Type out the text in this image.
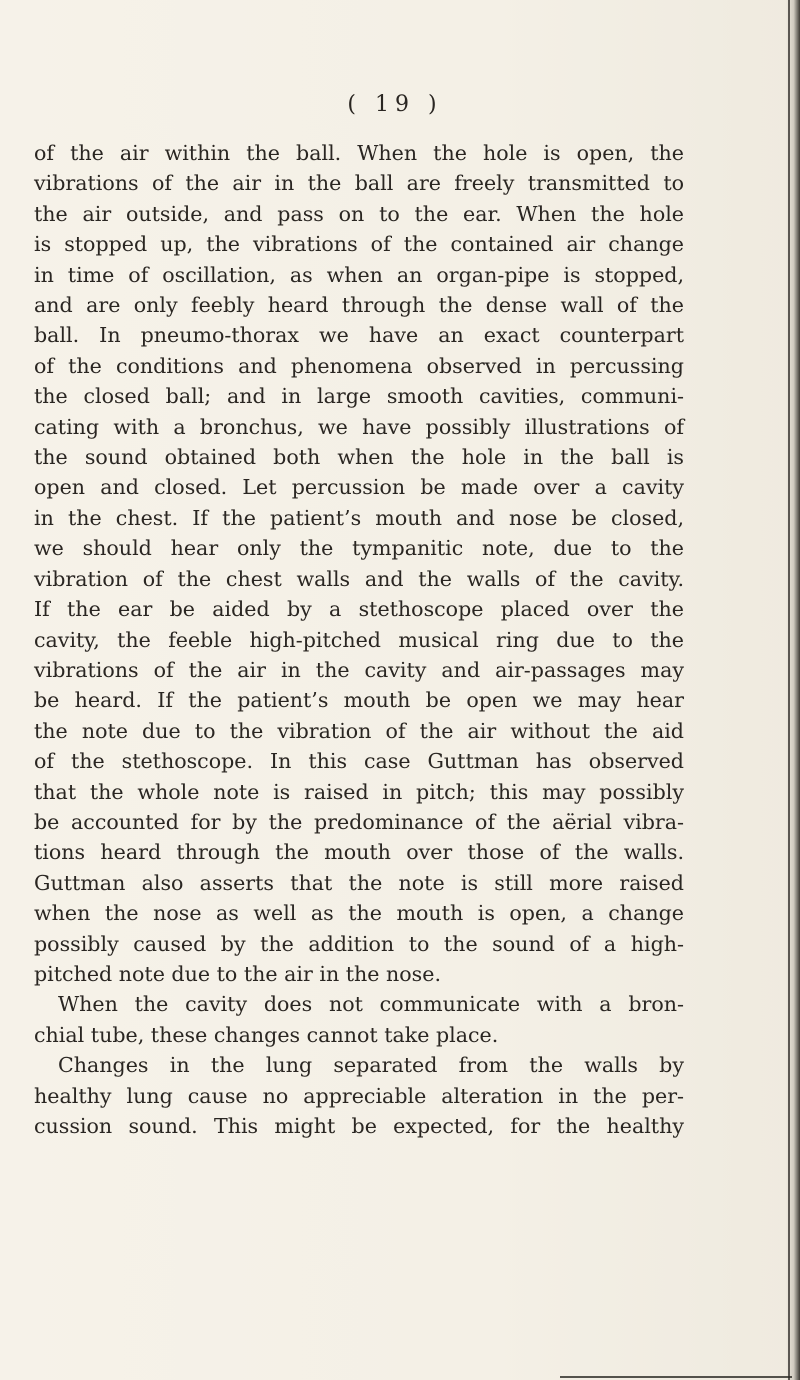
( 19 )
of the air within the ball. When the hole is open, the
vibrations of the air in the ball are freely transmitted to
the air outside, and pass on to the ear. When the hole
is stopped up, the vibrations of the contained air change
in time of oscillation, as when an organ-pipe is stopped,
and are only feebly heard through the dense wall of the
ball. In pneumo-thorax we have an exact counterpart
of the conditions and phenomena observed in percussing
the closed ball; and in large smooth cavities, communi-
cating with a bronchus, we have possibly illustrations of
the sound obtained both when the hole in the ball is
open and closed. Let percussion be made over a cavity
in the chest. If the patient’s mouth and nose be closed,
we should hear only the tympanitic note, due to the
vibration of the chest walls and the walls of the cavity.
If the ear be aided by a stethoscope placed over the
cavity, the feeble high-pitched musical ring due to the
vibrations of the air in the cavity and air-passages may
be heard. If the patient’s mouth be open we may hear
the note due to the vibration of the air without the aid
of the stethoscope. In this case Guttman has observed
that the whole note is raised in pitch; this may possibly
be accounted for by the predominance of the aërial vibra-
tions heard through the mouth over those of the walls.
Guttman also asserts that the note is still more raised
when the nose as well as the mouth is open, a change
possibly caused by the addition to the sound of a high-
pitched note due to the air in the nose.
When the cavity does not communicate with a bron-
chial tube, these changes cannot take place.
Changes in the lung separated from the walls by
healthy lung cause no appreciable alteration in the per-
cussion sound. This might be expected, for the healthy
